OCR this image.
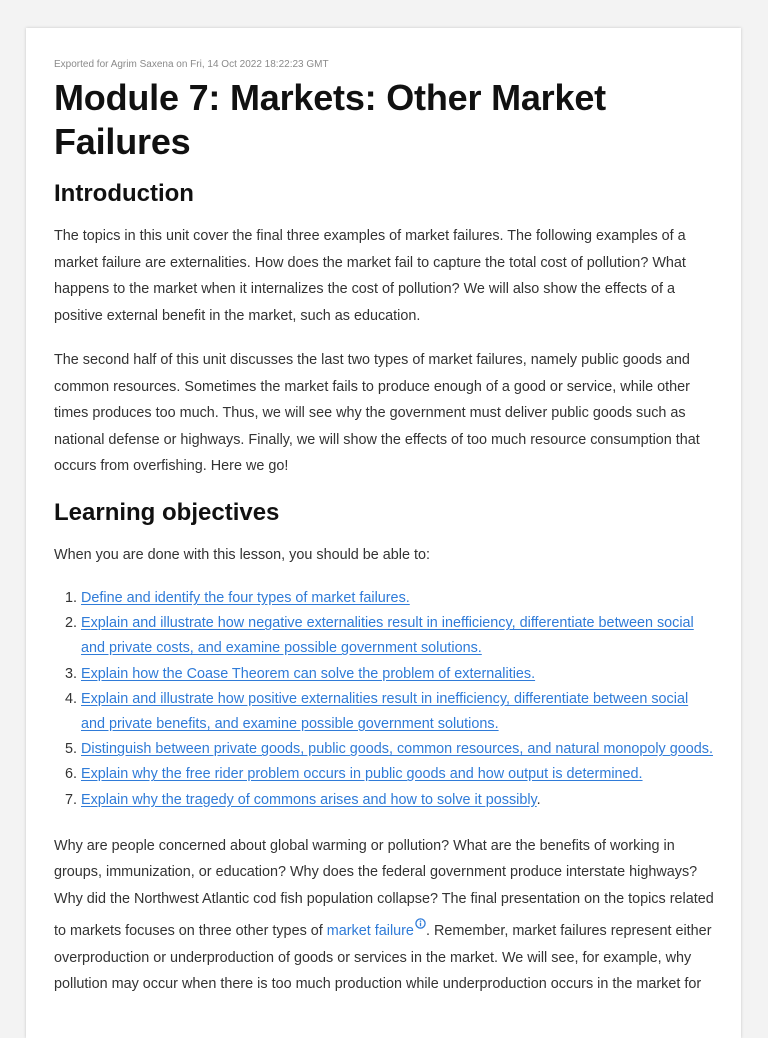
Exported for Agrim Saxena on Fri, 14 Oct 2022 18:22:23 GMT

Module 7: Markets: Other Market Failures
Introduction

The topics in this unit cover the final three examples of market failures. The following examples of a market failure are externalities. How does the market fail to capture the total cost of pollution? What happens to the market when it internalizes the cost of pollution? We will also show the effects of a positive external benefit in the market, such as education.

The second half of this unit discusses the last two types of market failures, namely public goods and common resources. Sometimes the market fails to produce enough of a good or service, while other times produces too much. Thus, we will see why the government must deliver public goods such as national defense or highways. Finally, we will show the effects of too much resource consumption that occurs from overfishing. Here we go!

Learning objectives

When you are done with this lesson, you should be able to:

1. Define and identify the four types of market failures.
2. Explain and illustrate how negative externalities result in inefficiency, differentiate between social and private costs, and examine possible government solutions.
3. Explain how the Coase Theorem can solve the problem of externalities.
4. Explain and illustrate how positive externalities result in inefficiency, differentiate between social and private benefits, and examine possible government solutions.
5. Distinguish between private goods, public goods, common resources, and natural monopoly goods.
6. Explain why the free rider problem occurs in public goods and how output is determined.
7. Explain why the tragedy of commons arises and how to solve it possibly.

Why are people concerned about global warming or pollution? What are the benefits of working in groups, immunization, or education? Why does the federal government produce interstate highways? Why did the Northwest Atlantic cod fish population collapse? The final presentation on the topics related to markets focuses on three other types of market failure . Remember, market failures represent either overproduction or underproduction of goods or services in the market. We will see, for example, why pollution may occur when there is too much production while underproduction occurs in the market for
